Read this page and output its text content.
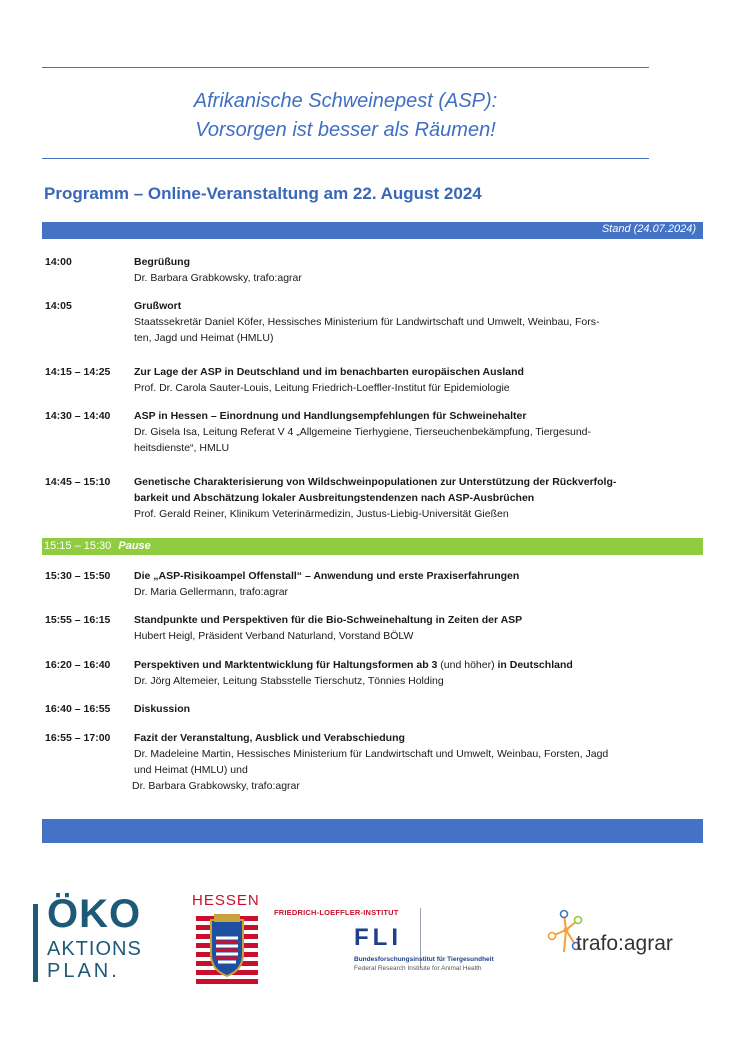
Afrikanische Schweinepest (ASP):
Vorsorgen ist besser als Räumen!
Programm – Online-Veranstaltung am 22. August 2024
Stand (24.07.2024)
14:00	Begrüßung
Dr. Barbara Grabkowsky, trafo:agrar
14:05	Grußwort
Staatssekretär Daniel Köfer, Hessisches Ministerium für Landwirtschaft und Umwelt, Weinbau, Fors-
ten, Jagd und Heimat (HMLU)
14:15 – 14:25 Zur Lage der ASP in Deutschland und im benachbarten europäischen Ausland
Prof. Dr. Carola Sauter-Louis, Leitung Friedrich-Loeffler-Institut für Epidemiologie
14:30 – 14:40 ASP in Hessen – Einordnung und Handlungsempfehlungen für Schweinehalter
Dr. Gisela Isa, Leitung Referat V 4 „Allgemeine Tierhygiene, Tierseuchenbekämpfung, Tiergesund-
heitsdienste“, HMLU
14:45 – 15:10 Genetische Charakterisierung von Wildschweinpopulationen zur Unterstützung der Rückverfolg-
barkeit und Abschätzung lokaler Ausbreitungstendenzen nach ASP-Ausbrüchen
Prof. Gerald Reiner, Klinikum Veterinärmedizin, Justus-Liebig-Universität Gießen
15:15 – 15:30 Pause
15:30 – 15:50 Die „ASP-Risikoampel Offenstall“ – Anwendung und erste Praxiserfahrungen
Dr. Maria Gellermann, trafo:agrar
15:55 – 16:15 Standpunkte und Perspektiven für die Bio-Schweinehaltung in Zeiten der ASP
Hubert Heigl, Präsident Verband Naturland, Vorstand BÖLW
16:20 – 16:40 Perspektiven und Marktentwicklung für Haltungsformen ab 3 (und höher) in Deutschland
Dr. Jörg Altemeier, Leitung Stabsstelle Tierschutz, Tönnies Holding
16:40 – 16:55 Diskussion
16:55 – 17:00 Fazit der Veranstaltung, Ausblick und Verabschiedung
Dr. Madeleine Martin, Hessisches Ministerium für Landwirtschaft und Umwelt, Weinbau, Forsten, Jagd
und Heimat (HMLU) und
Dr. Barbara Grabkowsky, trafo:agrar
ÖKO
AKTIONS
PLAN.
HESSEN
FRIEDRICH-LOEFFLER-INSTITUT
FLI
Bundesforschungsinstitut für Tiergesundheit
Federal Research Institute for Animal Health
trafo:agrar
